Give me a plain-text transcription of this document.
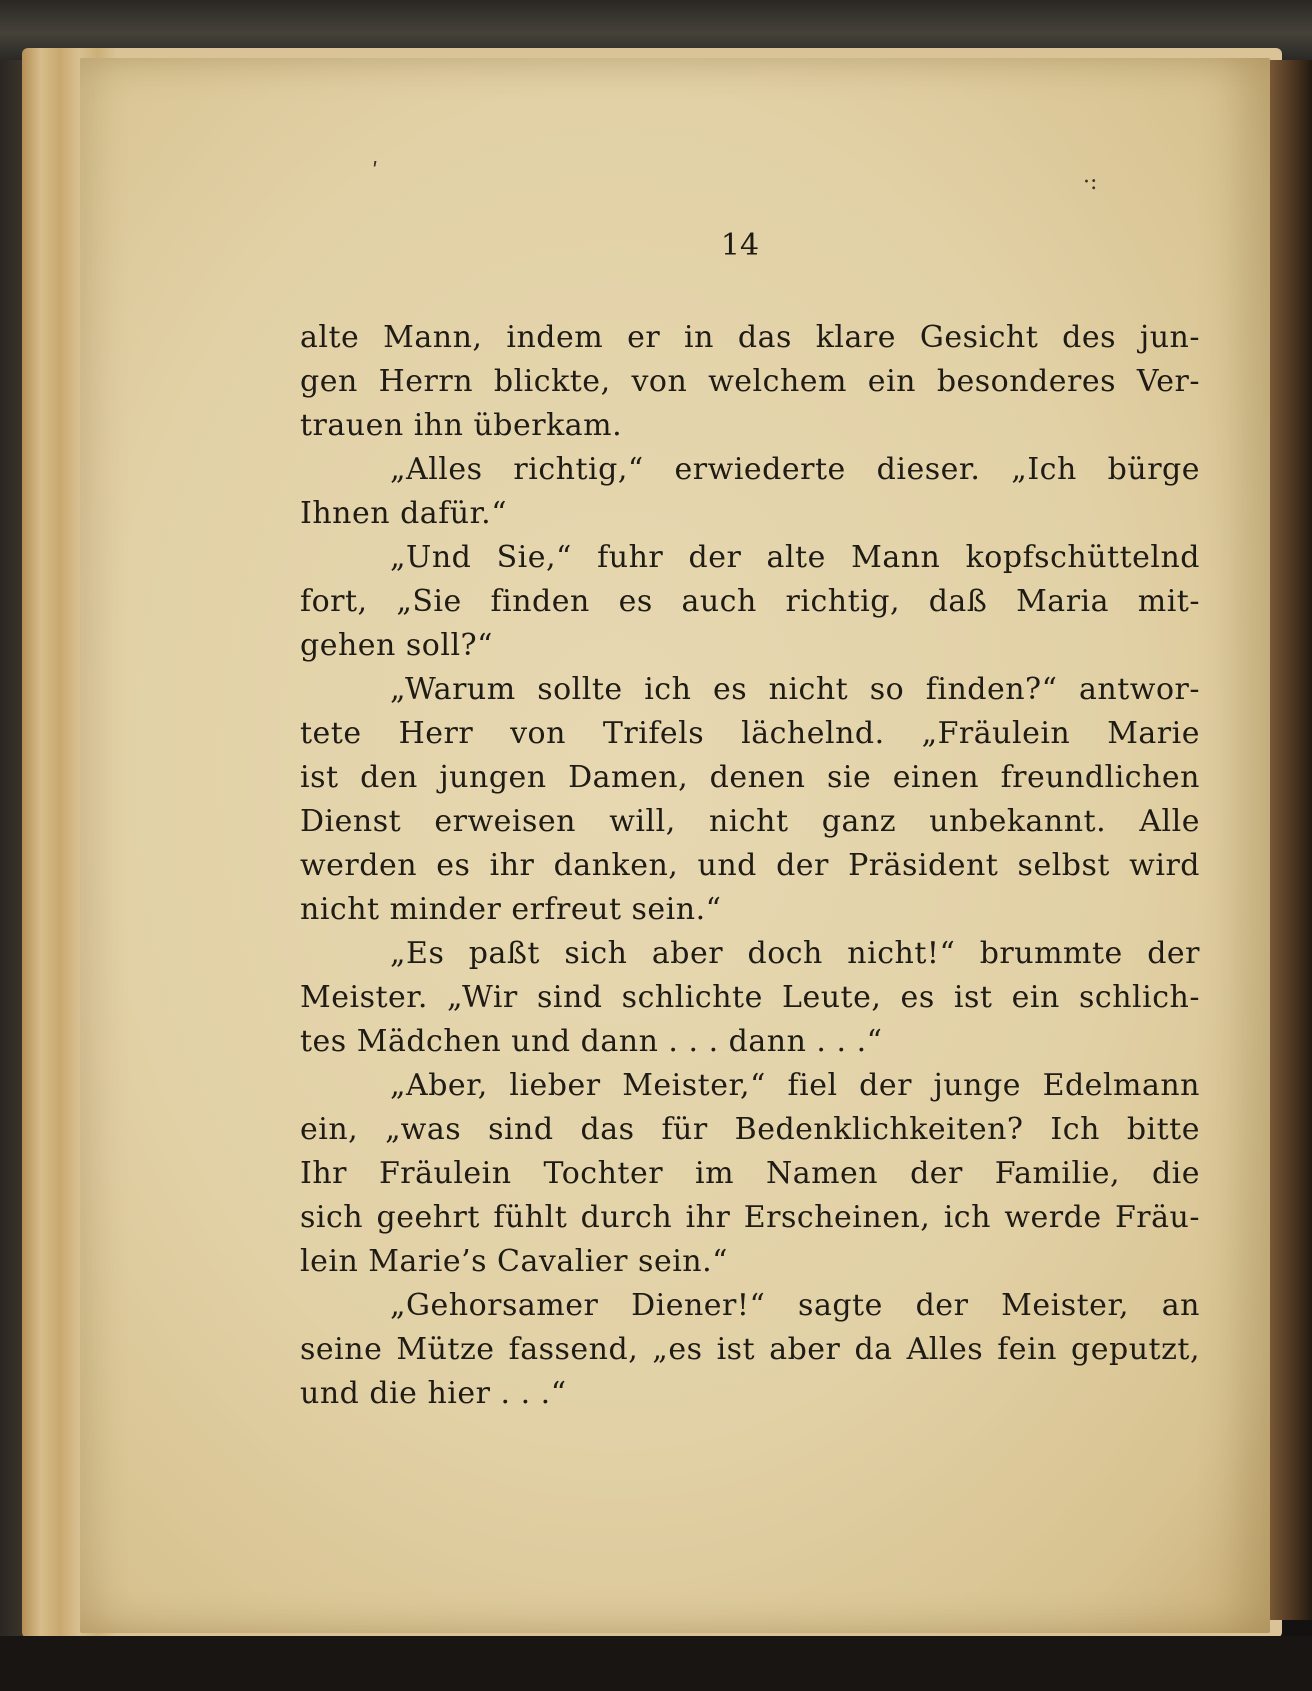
14
alte Mann, indem er in das klare Gesicht des jun-
gen Herrn blickte, von welchem ein besonderes Ver-
trauen ihn überkam.
„Alles richtig,“ erwiederte dieser. „Ich bürge
Ihnen dafür.“
„Und Sie,“ fuhr der alte Mann kopfschüttelnd
fort, „Sie finden es auch richtig, daß Maria mit-
gehen soll?“
„Warum sollte ich es nicht so finden?“ antwor-
tete Herr von Trifels lächelnd. „Fräulein Marie
ist den jungen Damen, denen sie einen freundlichen
Dienst erweisen will, nicht ganz unbekannt. Alle
werden es ihr danken, und der Präsident selbst wird
nicht minder erfreut sein.“
„Es paßt sich aber doch nicht!“ brummte der
Meister. „Wir sind schlichte Leute, es ist ein schlich-
tes Mädchen und dann . . . dann . . .“
„Aber, lieber Meister,“ fiel der junge Edelmann
ein, „was sind das für Bedenklichkeiten? Ich bitte
Ihr Fräulein Tochter im Namen der Familie, die
sich geehrt fühlt durch ihr Erscheinen, ich werde Fräu-
lein Marie’s Cavalier sein.“
„Gehorsamer Diener!“ sagte der Meister, an
seine Mütze fassend, „es ist aber da Alles fein geputzt,
und die hier . . .“
·:
ʹ
